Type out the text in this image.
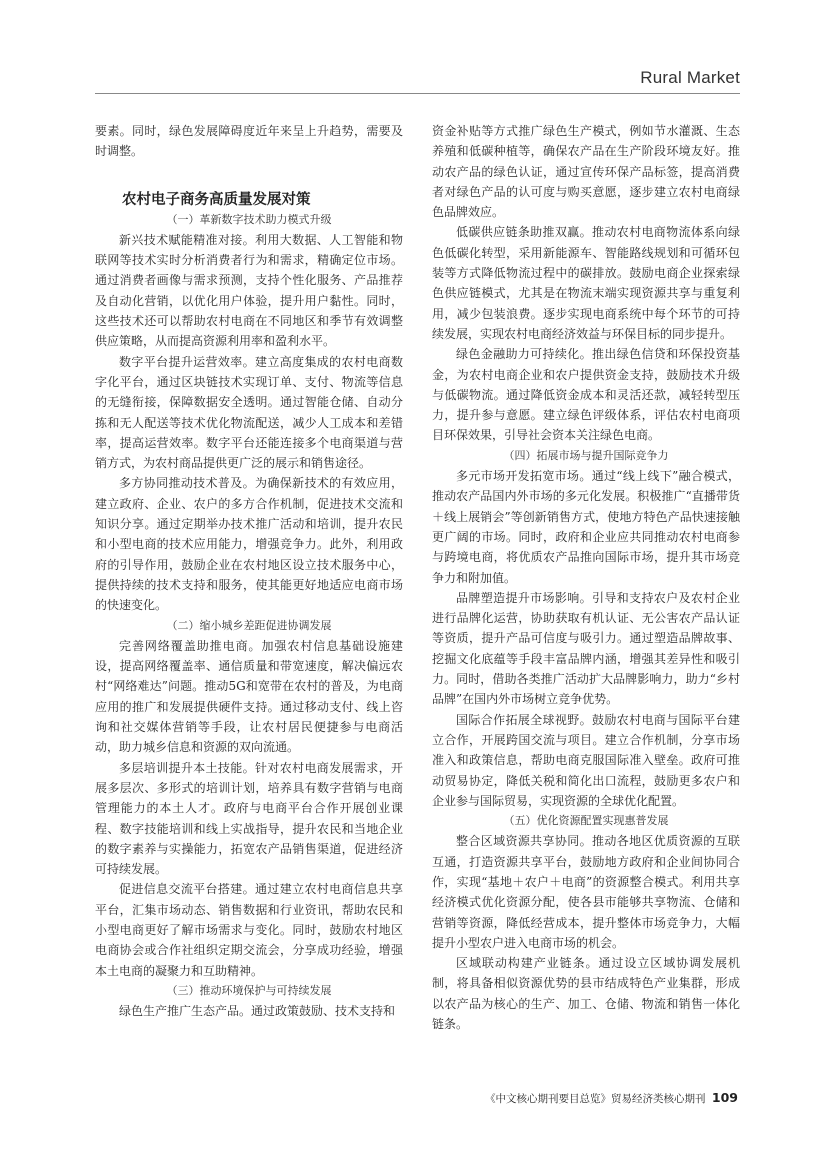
Rural Market

要素。同时，绿色发展障碍度近年来呈上升趋势，需要及时调整。

农村电子商务高质量发展对策
（一）革新数字技术助力模式升级

新兴技术赋能精准对接。利用大数据、人工智能和物联网等技术实时分析消费者行为和需求，精确定位市场。通过消费者画像与需求预测，支持个性化服务、产品推荐及自动化营销，以优化用户体验，提升用户黏性。同时，这些技术还可以帮助农村电商在不同地区和季节有效调整供应策略，从而提高资源利用率和盈利水平。

数字平台提升运营效率。建立高度集成的农村电商数字化平台，通过区块链技术实现订单、支付、物流等信息的无缝衔接，保障数据安全透明。通过智能仓储、自动分拣和无人配送等技术优化物流配送，减少人工成本和差错率，提高运营效率。数字平台还能连接多个电商渠道与营销方式，为农村商品提供更广泛的展示和销售途径。

多方协同推动技术普及。为确保新技术的有效应用，建立政府、企业、农户的多方合作机制，促进技术交流和知识分享。通过定期举办技术推广活动和培训，提升农民和小型电商的技术应用能力，增强竞争力。此外，利用政府的引导作用，鼓励企业在农村地区设立技术服务中心，提供持续的技术支持和服务，使其能更好地适应电商市场的快速变化。

（二）缩小城乡差距促进协调发展

完善网络覆盖助推电商。加强农村信息基础设施建设，提高网络覆盖率、通信质量和带宽速度，解决偏远农村“网络难达”问题。推动5G和宽带在农村的普及，为电商应用的推广和发展提供硬件支持。通过移动支付、线上咨询和社交媒体营销等手段，让农村居民便捷参与电商活动，助力城乡信息和资源的双向流通。

多层培训提升本土技能。针对农村电商发展需求，开展多层次、多形式的培训计划，培养具有数字营销与电商管理能力的本土人才。政府与电商平台合作开展创业课程、数字技能培训和线上实战指导，提升农民和当地企业的数字素养与实操能力，拓宽农产品销售渠道，促进经济可持续发展。

促进信息交流平台搭建。通过建立农村电商信息共享平台，汇集市场动态、销售数据和行业资讯，帮助农民和小型电商更好了解市场需求与变化。同时，鼓励农村地区电商协会或合作社组织定期交流会，分享成功经验，增强本土电商的凝聚力和互助精神。

（三）推动环境保护与可持续发展

绿色生产推广生态产品。通过政策鼓励、技术支持和

资金补贴等方式推广绿色生产模式，例如节水灌溉、生态养殖和低碳种植等，确保农产品在生产阶段环境友好。推动农产品的绿色认证，通过宣传环保产品标签，提高消费者对绿色产品的认可度与购买意愿，逐步建立农村电商绿色品牌效应。

低碳供应链条助推双赢。推动农村电商物流体系向绿色低碳化转型，采用新能源车、智能路线规划和可循环包装等方式降低物流过程中的碳排放。鼓励电商企业探索绿色供应链模式，尤其是在物流末端实现资源共享与重复利用，减少包装浪费。逐步实现电商系统中每个环节的可持续发展，实现农村电商经济效益与环保目标的同步提升。

绿色金融助力可持续化。推出绿色信贷和环保投资基金，为农村电商企业和农户提供资金支持，鼓励技术升级与低碳物流。通过降低资金成本和灵活还款，减轻转型压力，提升参与意愿。建立绿色评级体系，评估农村电商项目环保效果，引导社会资本关注绿色电商。

（四）拓展市场与提升国际竞争力

多元市场开发拓宽市场。通过“线上线下”融合模式，推动农产品国内外市场的多元化发展。积极推广“直播带货＋线上展销会”等创新销售方式，使地方特色产品快速接触更广阔的市场。同时，政府和企业应共同推动农村电商参与跨境电商，将优质农产品推向国际市场，提升其市场竞争力和附加值。

品牌塑造提升市场影响。引导和支持农户及农村企业进行品牌化运营，协助获取有机认证、无公害农产品认证等资质，提升产品可信度与吸引力。通过塑造品牌故事、挖掘文化底蕴等手段丰富品牌内涵，增强其差异性和吸引力。同时，借助各类推广活动扩大品牌影响力，助力“乡村品牌”在国内外市场树立竞争优势。

国际合作拓展全球视野。鼓励农村电商与国际平台建立合作，开展跨国交流与项目。建立合作机制，分享市场准入和政策信息，帮助电商克服国际准入壁垒。政府可推动贸易协定，降低关税和简化出口流程，鼓励更多农户和企业参与国际贸易，实现资源的全球优化配置。

（五）优化资源配置实现惠普发展

整合区域资源共享协同。推动各地区优质资源的互联互通，打造资源共享平台，鼓励地方政府和企业间协同合作，实现“基地＋农户＋电商”的资源整合模式。利用共享经济模式优化资源分配，使各县市能够共享物流、仓储和营销等资源，降低经营成本，提升整体市场竞争力，大幅提升小型农户进入电商市场的机会。

区域联动构建产业链条。通过设立区域协调发展机制，将具备相似资源优势的县市结成特色产业集群，形成以农产品为核心的生产、加工、仓储、物流和销售一体化链条。

《中文核心期刊要目总览》贸易经济类核心期刊 109
